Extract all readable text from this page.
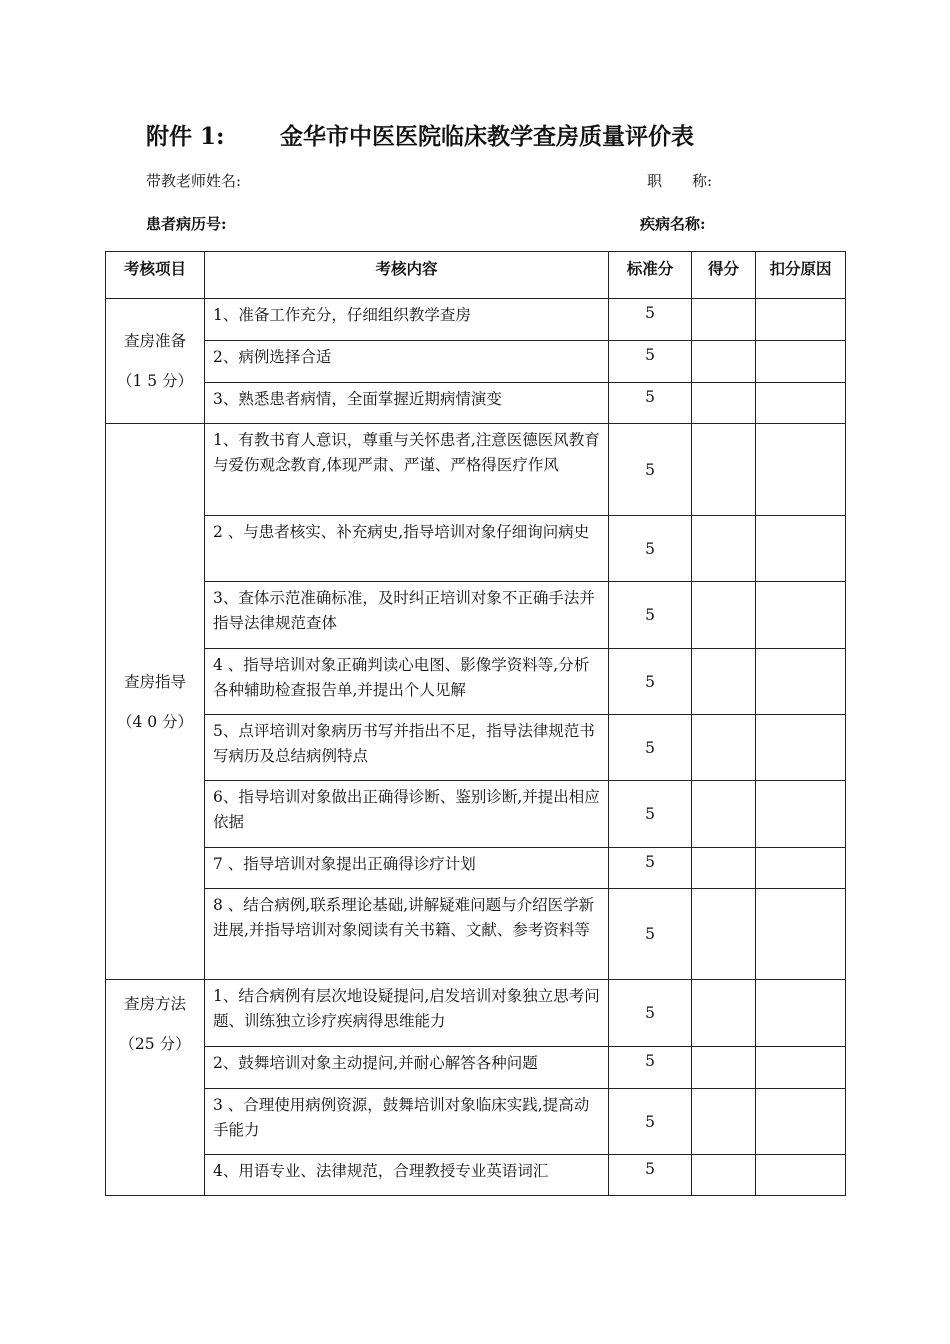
附件 1: 金华市中医医院临床教学查房质量评价表
带教老师姓名:	职　　称:
患者病历号:	疾病名称:
考核项目	考核内容	标准分	得分	扣分原因

查房准备
（1 5 分）	1、准备工作充分，仔细组织教学查房	5		
	2、病例选择合适	5		
	3、熟悉患者病情，全面掌握近期病情演变	5		

查房指导
（4 0 分）	1、有教书育人意识，尊重与关怀患者,注意医德医风教育与爱伤观念教育,体现严肃、严谨、严格得医疗作风	5		
	2 、与患者核实、补充病史,指导培训对象仔细询问病史	5		
	3、查体示范准确标准，及时纠正培训对象不正确手法并指导法律规范查体	5		
	4 、指导培训对象正确判读心电图、影像学资料等,分析各种辅助检查报告单,并提出个人见解	5		
	5、点评培训对象病历书写并指出不足，指导法律规范书写病历及总结病例特点	5		
	6、指导培训对象做出正确得诊断、鉴别诊断,并提出相应依据	5		
	7 、指导培训对象提出正确得诊疗计划	5		
	8 、结合病例,联系理论基础,讲解疑难问题与介绍医学新进展,并指导培训对象阅读有关书籍、文献、参考资料等	5		

查房方法
（25 分）	1、结合病例有层次地设疑提问,启发培训对象独立思考问题、训练独立诊疗疾病得思维能力	5		
	2、鼓舞培训对象主动提问,并耐心解答各种问题	5		
	3 、合理使用病例资源，鼓舞培训对象临床实践,提高动手能力	5		
	4、用语专业、法律规范，合理教授专业英语词汇	5		
